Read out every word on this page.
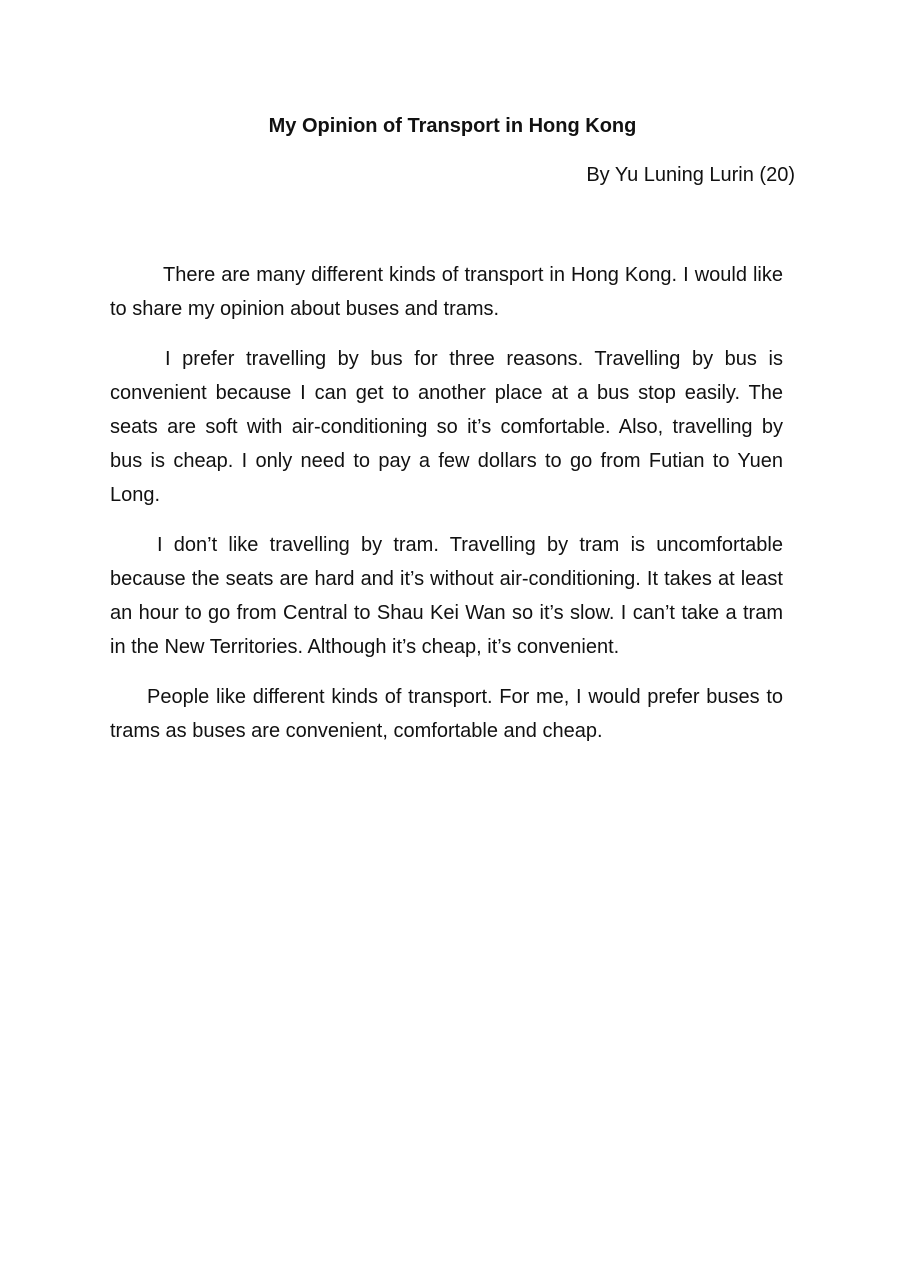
My Opinion of Transport in Hong Kong

By Yu Luning Lurin (20)

There are many different kinds of transport in Hong Kong. I would like to share my opinion about buses and trams.

I prefer travelling by bus for three reasons. Travelling by bus is convenient because I can get to another place at a bus stop easily. The seats are soft with air-conditioning so it’s comfortable. Also, travelling by bus is cheap. I only need to pay a few dollars to go from Futian to Yuen Long.

I don’t like travelling by tram. Travelling by tram is uncomfortable because the seats are hard and it’s without air-conditioning. It takes at least an hour to go from Central to Shau Kei Wan so it’s slow. I can’t take a tram in the New Territories. Although it’s cheap, it’s convenient.

People like different kinds of transport. For me, I would prefer buses to trams as buses are convenient, comfortable and cheap.
